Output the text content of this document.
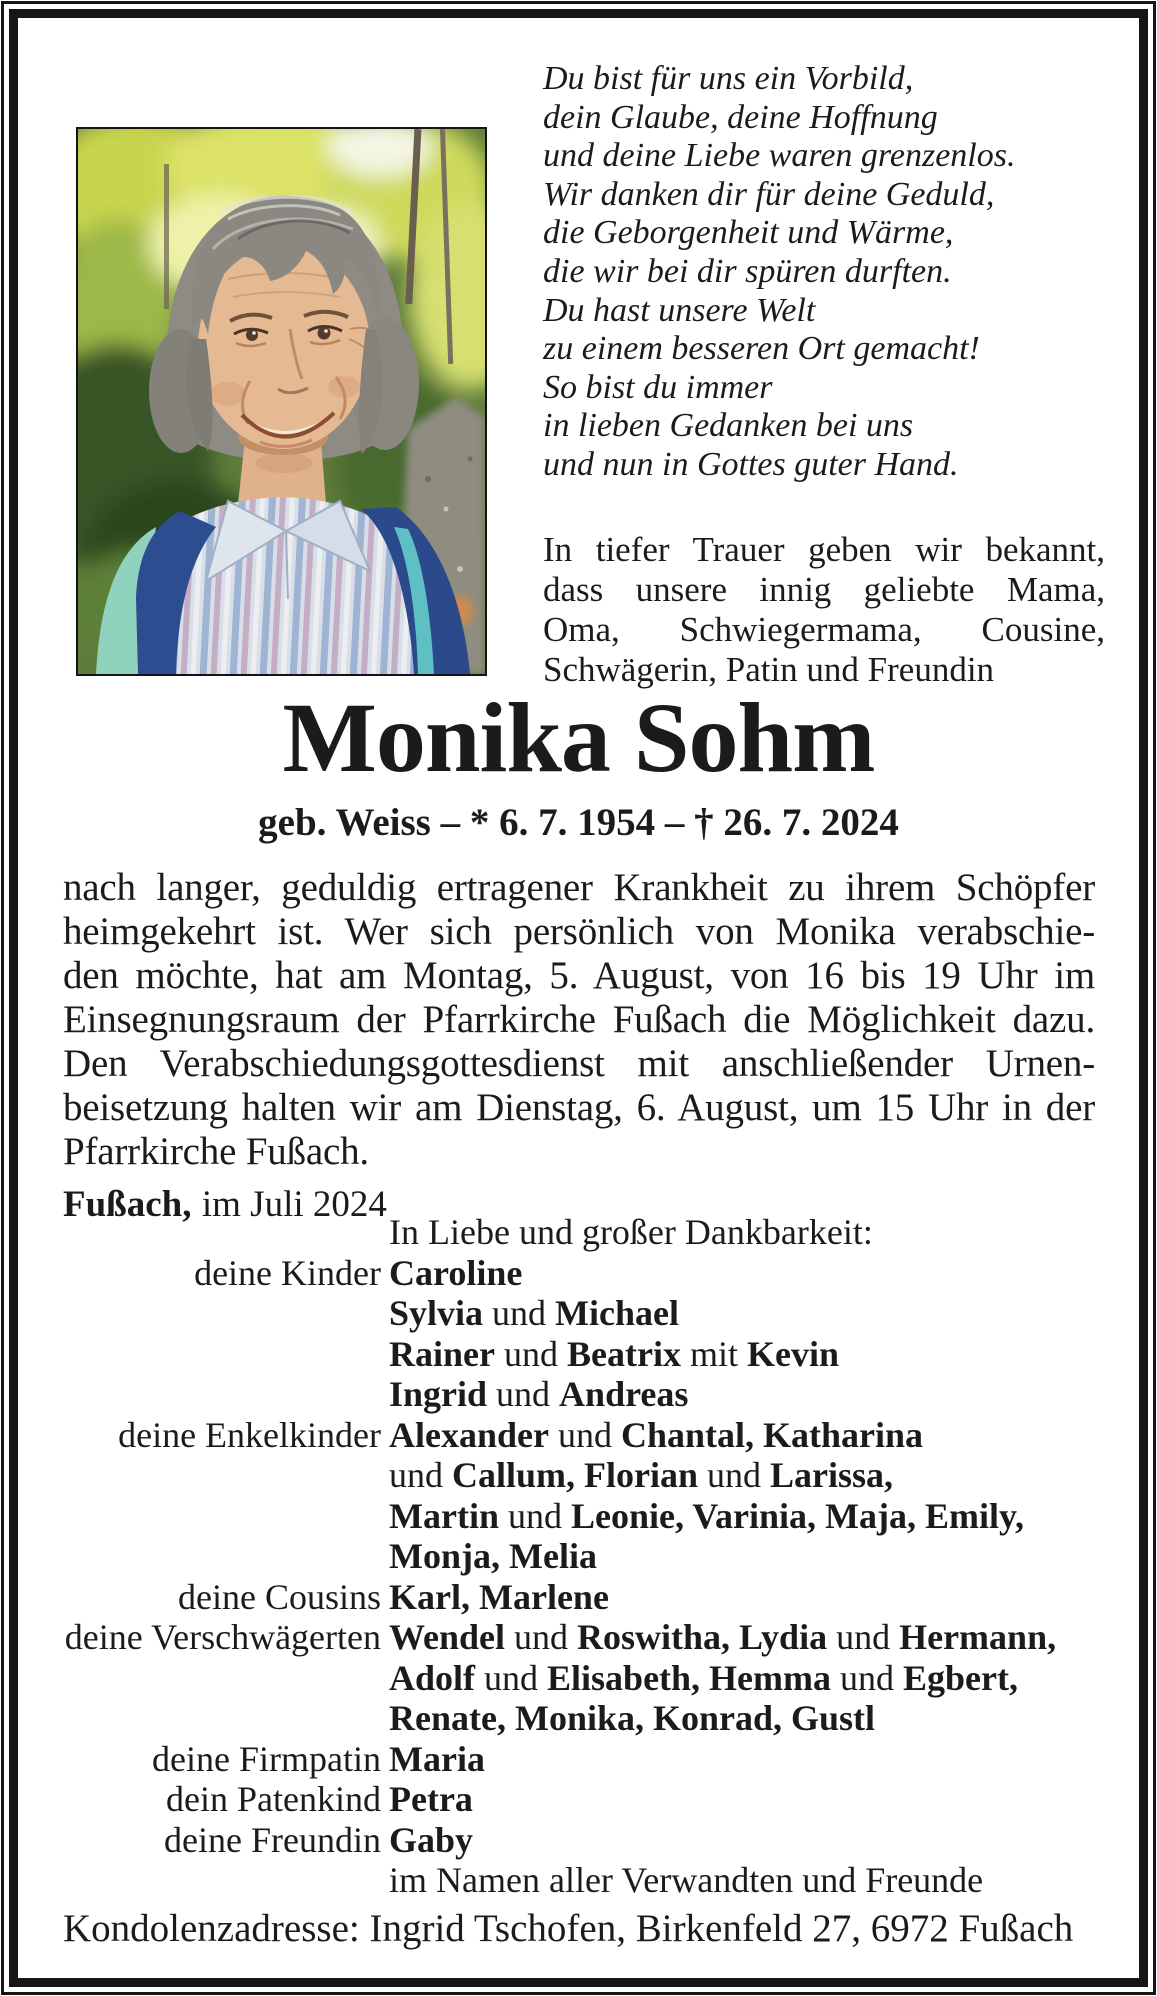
Du bist für uns ein Vorbild,
dein Glaube, deine Hoffnung
und deine Liebe waren grenzenlos.
Wir danken dir für deine Geduld,
die Geborgenheit und Wärme,
die wir bei dir spüren durften.
Du hast unsere Welt
zu einem besseren Ort gemacht!
So bist du immer
in lieben Gedanken bei uns
und nun in Gottes guter Hand.
In tiefer Trauer geben wir bekannt,
dass unsere innig geliebte Mama,
Oma, Schwiegermama, Cousine,
Schwägerin, Patin und Freundin
Monika Sohm
geb. Weiss – * 6. 7. 1954 – † 26. 7. 2024
nach langer, geduldig ertragener Krankheit zu ihrem Schöpfer
heimgekehrt ist. Wer sich persönlich von Monika verabschie-
den möchte, hat am Montag, 5. August, von 16 bis 19 Uhr im
Einsegnungsraum der Pfarrkirche Fußach die Möglichkeit dazu.
Den Verabschiedungsgottesdienst mit anschließender Urnen-
beisetzung halten wir am Dienstag, 6. August, um 15 Uhr in der
Pfarrkirche Fußach.
Fußach, im Juli 2024
In Liebe und großer Dankbarkeit:
deine Kinder Caroline
Sylvia und Michael
Rainer und Beatrix mit Kevin
Ingrid und Andreas
deine Enkelkinder Alexander und Chantal, Katharina
und Callum, Florian und Larissa,
Martin und Leonie, Varinia, Maja, Emily,
Monja, Melia
deine Cousins Karl, Marlene
deine Verschwägerten Wendel und Roswitha, Lydia und Hermann,
Adolf und Elisabeth, Hemma und Egbert,
Renate, Monika, Konrad, Gustl
deine Firmpatin Maria
dein Patenkind Petra
deine Freundin Gaby
im Namen aller Verwandten und Freunde
Kondolenzadresse: Ingrid Tschofen, Birkenfeld 27, 6972 Fußach
